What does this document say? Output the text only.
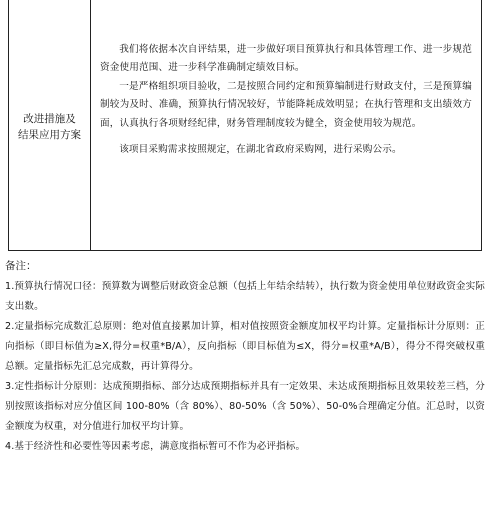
改进措施及
结果应用方案

我们将依据本次自评结果，进一步做好项目预算执行和具体管理工作、进一步规范资金使用范围、进一步科学准确制定绩效目标。

一是严格组织项目验收，二是按照合同约定和预算编制进行财政支付，三是预算编制较为及时、准确，预算执行情况较好，节能降耗成效明显；在执行管理和支出绩效方面，认真执行各项财经纪律，财务管理制度较为健全，资金使用较为规范。

该项目采购需求按照规定，在湖北省政府采购网，进行采购公示。

备注：

1.预算执行情况口径：预算数为调整后财政资金总额（包括上年结余结转），执行数为资金使用单位财政资金实际支出数。

2.定量指标完成数汇总原则：绝对值直接累加计算，相对值按照资金额度加权平均计算。定量指标计分原则：正向指标（即目标值为≥X,得分=权重*B/A），反向指标（即目标值为≤X，得分=权重*A/B），得分不得突破权重总额。定量指标先汇总完成数，再计算得分。

3.定性指标计分原则：达成预期指标、部分达成预期指标并具有一定效果、未达成预期指标且效果较差三档，分别按照该指标对应分值区间 100-80%（含 80%）、80-50%（含 50%）、50-0%合理确定分值。汇总时，以资金额度为权重，对分值进行加权平均计算。

4.基于经济性和必要性等因素考虑，满意度指标暂可不作为必评指标。
